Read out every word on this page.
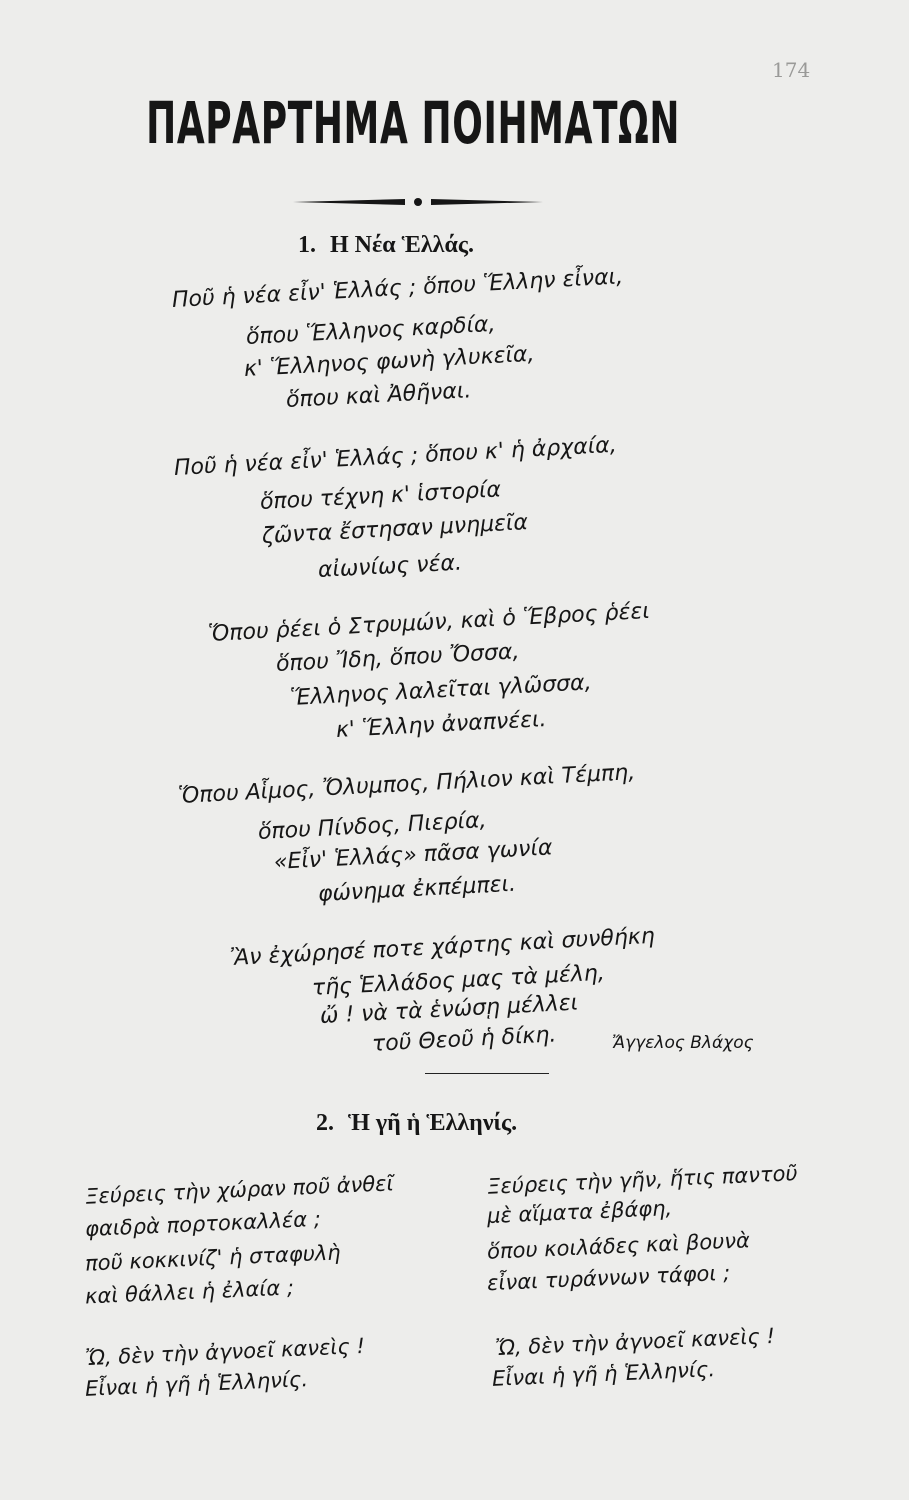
174
ΠΑΡΑΡΤΗΜΑ ΠΟΙΗΜΑΤΩΝ
1. Η Νέα Ἑλλάς.
Ποῦ ἡ νέα εἶν' Ἑλλάς ; ὅπου Ἕλλην εἶναι,
ὅπου Ἕλληνος καρδία,
κ' Ἕλληνος φωνὴ γλυκεῖα,
ὅπου καὶ Ἀθῆναι.
Ποῦ ἡ νέα εἶν' Ἑλλάς ; ὅπου κ' ἡ ἀρχαία,
ὅπου τέχνη κ' ἱστορία
ζῶντα ἔστησαν μνημεῖα
αἰωνίως νέα.
Ὅπου ῥέει ὁ Στρυμών, καὶ ὁ Ἕβρος ῥέει
ὅπου Ἴδη, ὅπου Ὄσσα,
Ἕλληνος λαλεῖται γλῶσσα,
κ' Ἕλλην ἀναπνέει.
Ὅπου Αἷμος, Ὄλυμπος, Πήλιον καὶ Τέμπη,
ὅπου Πίνδος, Πιερία,
«Εἶν' Ἑλλάς» πᾶσα γωνία
φώνημα ἐκπέμπει.
Ἂν ἐχώρησέ ποτε χάρτης καὶ συνθήκη
τῆς Ἑλλάδος μας τὰ μέλη,
ὤ ! νὰ τὰ ἑνώσῃ μέλλει
τοῦ Θεοῦ ἡ δίκη.	Ἄγγελος Βλάχος
2. Ἡ γῆ ἡ Ἑλληνίς.
Ξεύρεις τὴν χώραν ποῦ ἀνθεῖ
φαιδρὰ πορτοκαλλέα ;
ποῦ κοκκινίζ' ἡ σταφυλὴ
καὶ θάλλει ἡ ἐλαία ;
Ὤ, δὲν τὴν ἀγνοεῖ κανεὶς !
Εἶναι ἡ γῆ ἡ Ἑλληνίς.
Ξεύρεις τὴν γῆν, ἥτις παντοῦ
μὲ αἵματα ἐβάφη,
ὅπου κοιλάδες καὶ βουνὰ
εἶναι τυράννων τάφοι ;
Ὤ, δὲν τὴν ἀγνοεῖ κανεὶς !
Εἶναι ἡ γῆ ἡ Ἑλληνίς.
